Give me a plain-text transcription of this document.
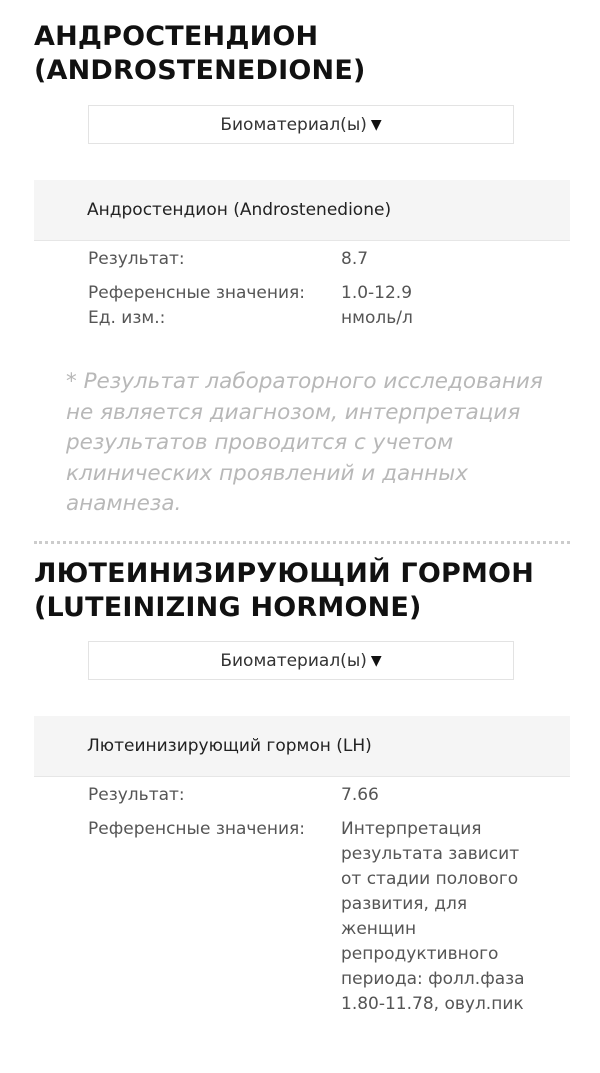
АНДРОСТЕНДИОН
(ANDROSTENEDIONE)
Биоматериал(ы) ▼
Андростендион (Androstenedione)
Результат:	8.7
Референсные значения: 1.0-12.9
Ед. изм.:	нмоль/л
* Результат лабораторного исследования не является диагнозом, интерпретация результатов проводится с учетом клинических проявлений и данных анамнеза.
ЛЮТЕИНИЗИРУЮЩИЙ ГОРМОН
(LUTEINIZING HORMONE)
Биоматериал(ы) ▼
Лютеинизирующий гормон (LH)
Результат:	7.66
Референсные значения: Интерпретация результата зависит от стадии полового развития, для женщин репродуктивного периода: фолл.фаза 1.80-11.78, овул.пик
